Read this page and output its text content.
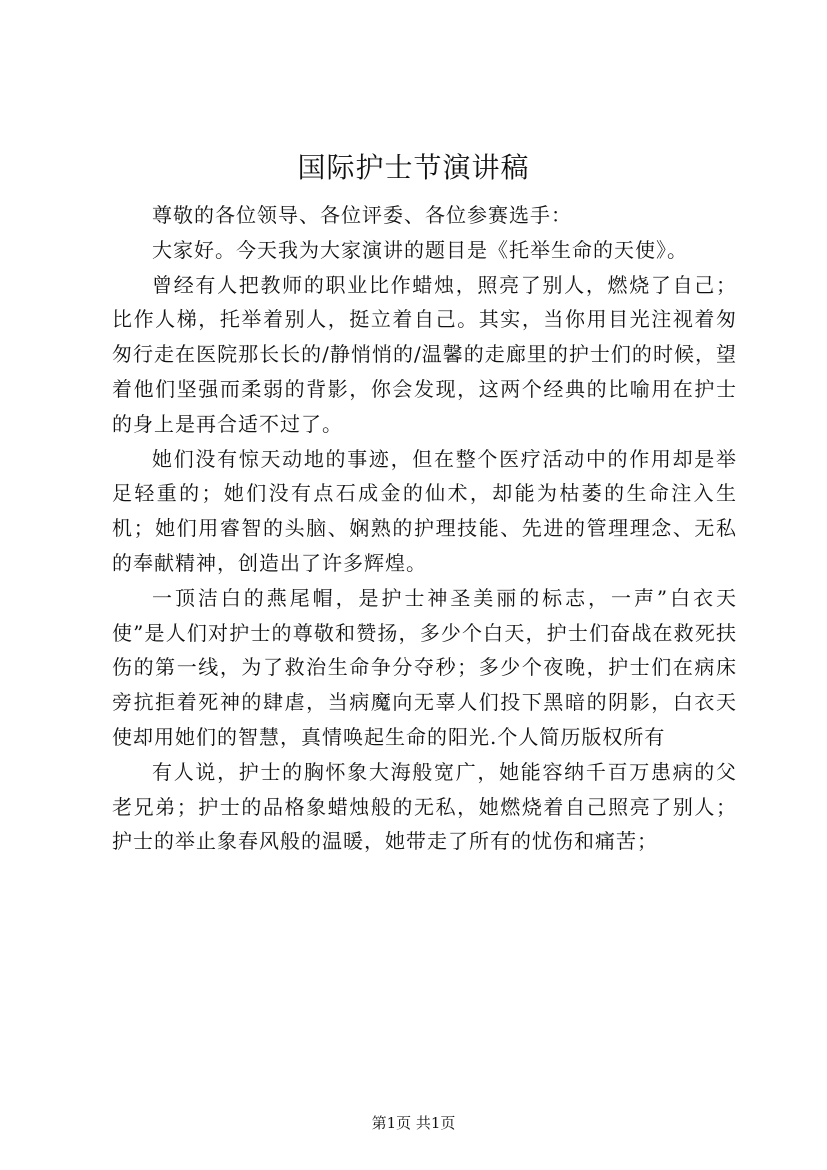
国际护士节演讲稿

尊敬的各位领导、各位评委、各位参赛选手：

大家好。今天我为大家演讲的题目是《托举生命的天使》。

曾经有人把教师的职业比作蜡烛，照亮了别人，燃烧了自己；比作人梯，托举着别人，挺立着自己。其实，当你用目光注视着匆匆行走在医院那长长的/静悄悄的/温馨的走廊里的护士们的时候，望着他们坚强而柔弱的背影，你会发现，这两个经典的比喻用在护士的身上是再合适不过了。

她们没有惊天动地的事迹，但在整个医疗活动中的作用却是举足轻重的；她们没有点石成金的仙术，却能为枯萎的生命注入生机；她们用睿智的头脑、娴熟的护理技能、先进的管理理念、无私的奉献精神，创造出了许多辉煌。

一顶洁白的燕尾帽，是护士神圣美丽的标志，一声”白衣天使”是人们对护士的尊敬和赞扬，多少个白天，护士们奋战在救死扶伤的第一线，为了救治生命争分夺秒；多少个夜晚，护士们在病床旁抗拒着死神的肆虐，当病魔向无辜人们投下黑暗的阴影，白衣天使却用她们的智慧，真情唤起生命的阳光.个人简历版权所有

有人说，护士的胸怀象大海般宽广，她能容纳千百万患病的父老兄弟；护士的品格象蜡烛般的无私，她燃烧着自己照亮了别人；护士的举止象春风般的温暖，她带走了所有的忧伤和痛苦；

第1页 共1页
